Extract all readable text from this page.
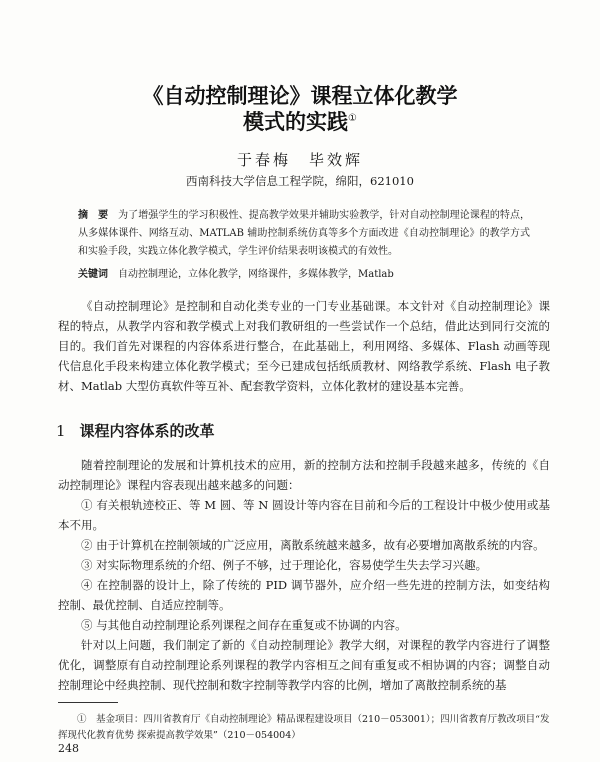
《自动控制理论》课程立体化教学
模式的实践①
于春梅　毕效辉
西南科技大学信息工程学院，绵阳，621010
摘　要 为了增强学生的学习积极性、提高教学效果并辅助实验教学，针对自动控制理论课程的特点，从多媒体课件、网络互动、MATLAB 辅助控制系统仿真等多个方面改进《自动控制理论》的教学方式和实验手段，实践立体化教学模式，学生评价结果表明该模式的有效性。
关键词 自动控制理论，立体化教学，网络课件，多媒体教学，Matlab
《自动控制理论》是控制和自动化类专业的一门专业基础课。本文针对《自动控制理论》课程的特点，从教学内容和教学模式上对我们教研组的一些尝试作一个总结，借此达到同行交流的目的。我们首先对课程的内容体系进行整合，在此基础上，利用网络、多媒体、Flash 动画等现代信息化手段来构建立体化教学模式；至今已建成包括纸质教材、网络教学系统、Flash 电子教材、Matlab 大型仿真软件等互补、配套教学资料，立体化教材的建设基本完善。
1 课程内容体系的改革

随着控制理论的发展和计算机技术的应用，新的控制方法和控制手段越来越多，传统的《自动控制理论》课程内容表现出越来越多的问题：

① 有关根轨迹校正、等 M 圆、等 N 圆设计等内容在目前和今后的工程设计中极少使用或基本不用。

② 由于计算机在控制领域的广泛应用，离散系统越来越多，故有必要增加离散系统的内容。

③ 对实际物理系统的介绍、例子不够，过于理论化，容易使学生失去学习兴趣。

④ 在控制器的设计上，除了传统的 PID 调节器外，应介绍一些先进的控制方法，如变结构控制、最优控制、自适应控制等。

⑤ 与其他自动控制理论系列课程之间存在重复或不协调的内容。

针对以上问题，我们制定了新的《自动控制理论》教学大纲，对课程的教学内容进行了调整优化，调整原有自动控制理论系列课程的教学内容相互之间有重复或不相协调的内容；调整自动控制理论中经典控制、现代控制和数字控制等教学内容的比例，增加了离散控制系统的基

①　基金项目：四川省教育厅《自动控制理论》精品课程建设项目（210－053001）；四川省教育厅教改项目“发挥现代化教育优势 探索提高教学效果”（210－054004）
248
